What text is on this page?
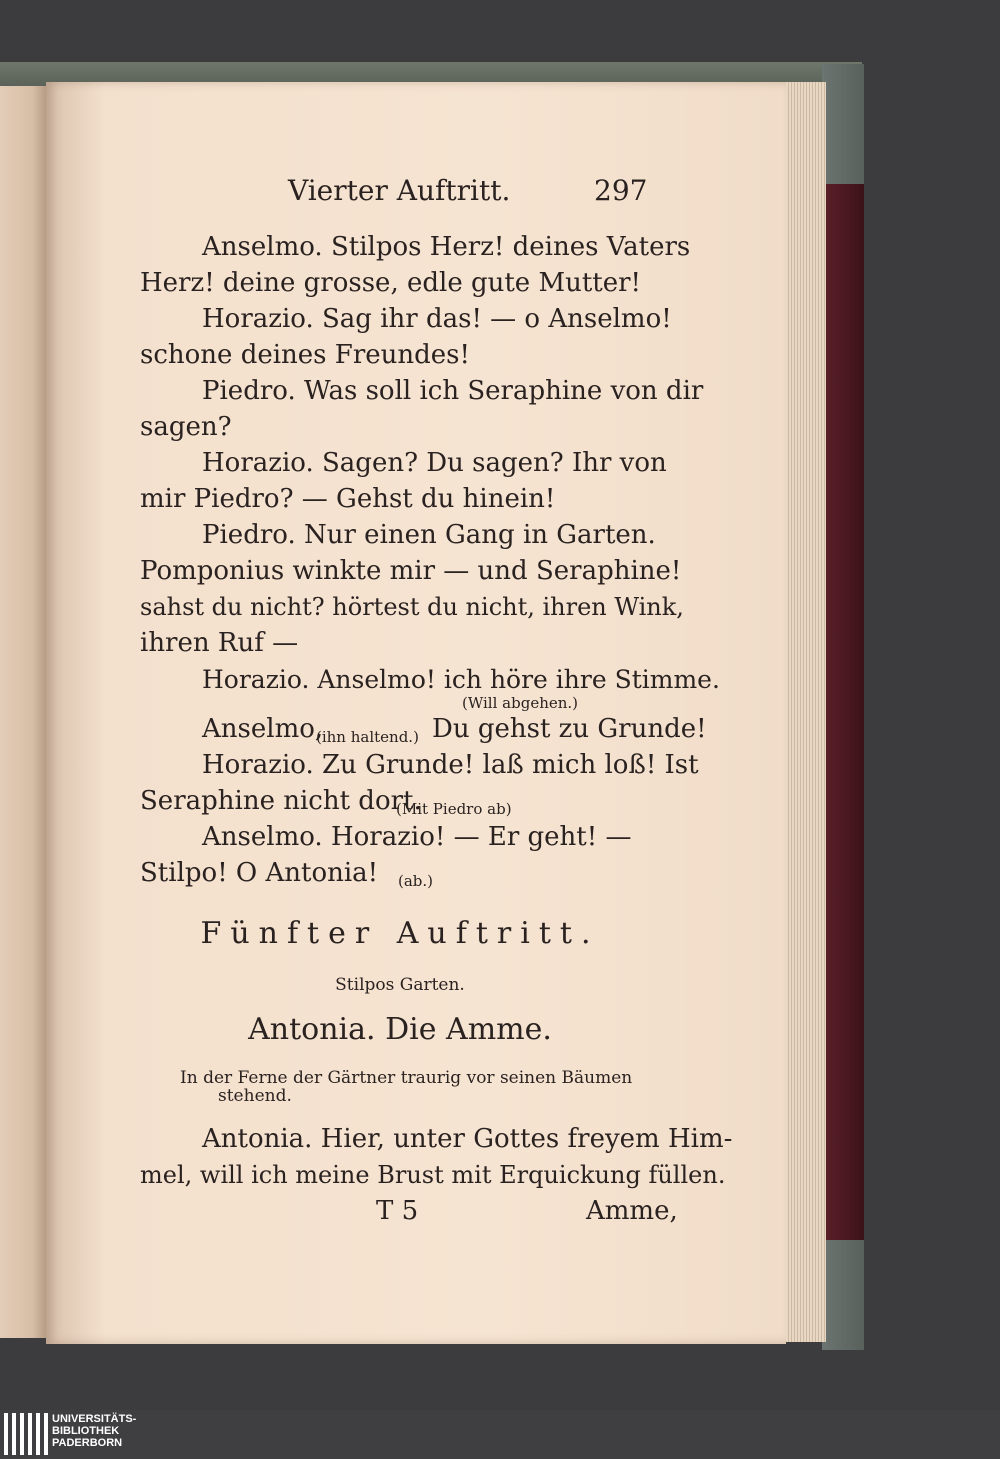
Vierter Auftritt.	297
Anselmo. Stilpos Herz! deines Vaters
Herz! deine grosse, edle gute Mutter!
Horazio. Sag ihr das! — o Anselmo!
schone deines Freundes!
Piedro. Was soll ich Seraphine von dir
sagen?
Horazio. Sagen? Du sagen? Ihr von
mir Piedro? — Gehst du hinein!
Piedro. Nur einen Gang in Garten.
Pomponius winkte mir — und Seraphine!
sahst du nicht? hörtest du nicht, ihren Wink,
ihren Ruf —
Horazio. Anselmo! ich höre ihre Stimme.
(Will abgehen.)
Anselmo,
(ihn haltend.) Du gehst zu Grunde!
Horazio. Zu Grunde! laß mich loß! Ist
Seraphine nicht dort.
(Mit Piedro ab)
Anselmo. Horazio! — Er geht! —
Stilpo! O Antonia! (ab.)
Fünfter Auftritt.
Stilpos Garten.
Antonia. Die Amme.
In der Ferne der Gärtner traurig vor seinen Bäumen
stehend.
Antonia. Hier, unter Gottes freyem Him-
mel, will ich meine Brust mit Erquickung füllen.
T 5	Amme,
UNIVERSITÄTS-
BIBLIOTHEK
PADERBORN
